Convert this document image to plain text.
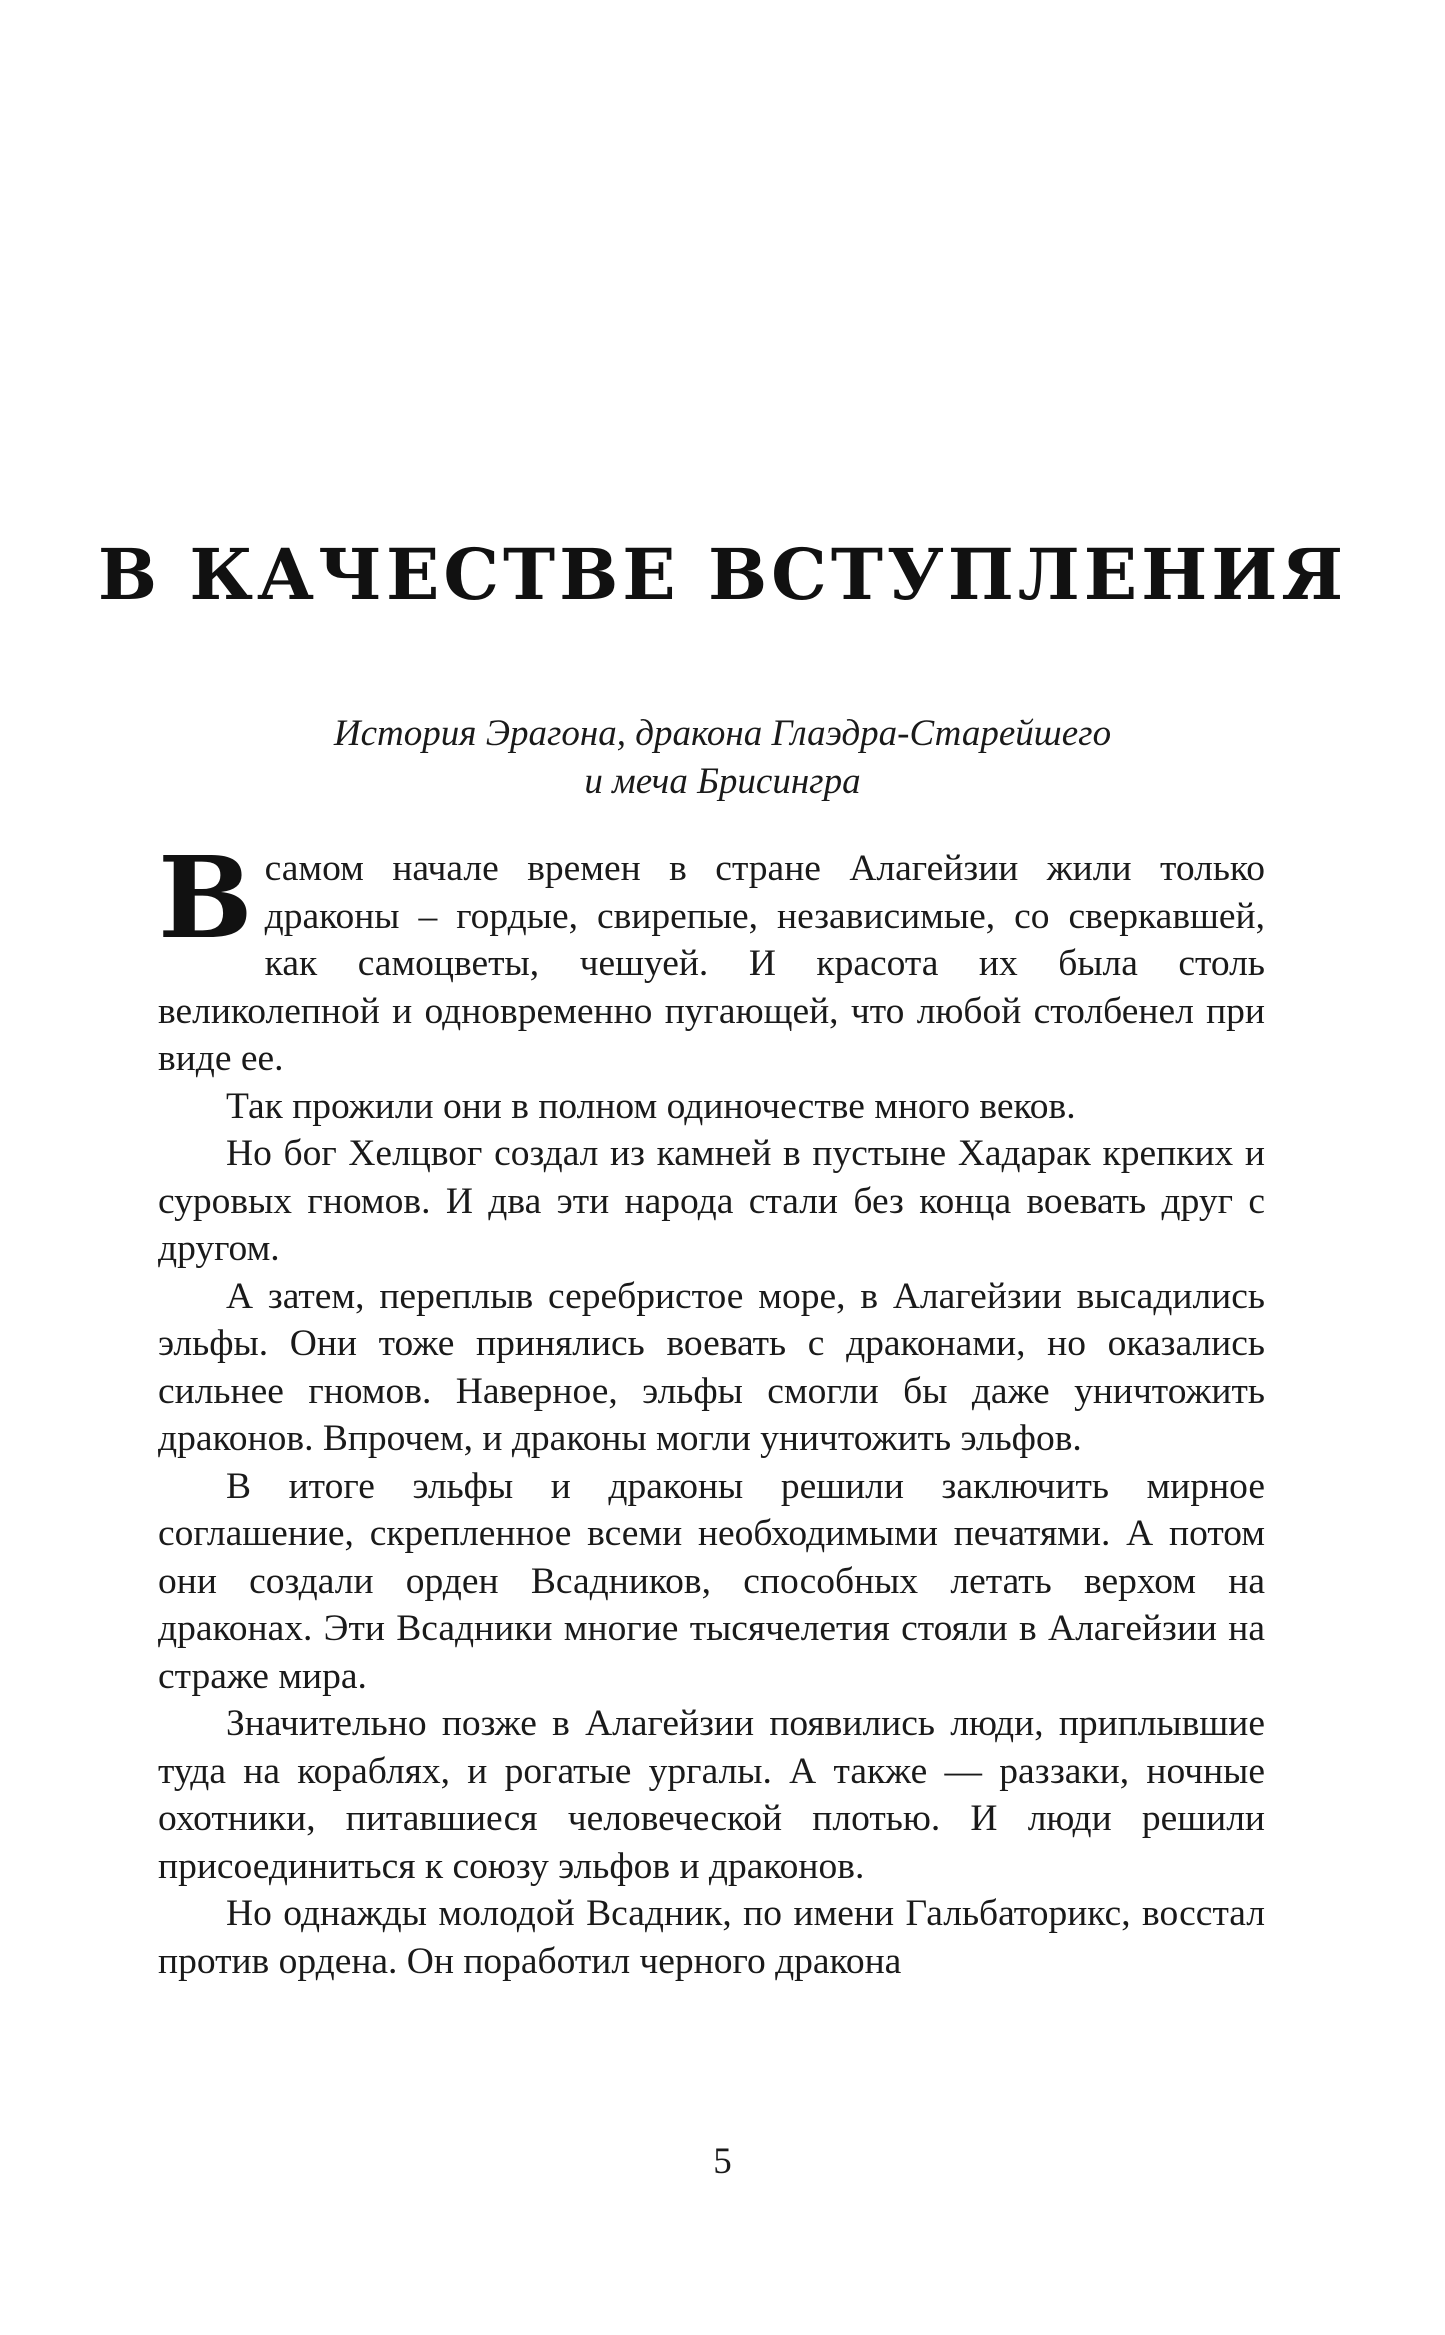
В КАЧЕСТВЕ ВСТУПЛЕНИЯ
История Эрагона, дракона Глаэдра-Старейшего
и меча Брисингра

В самом начале времен в стране Алагейзии жили только драконы – гордые, свирепые, независимые, со сверкавшей, как самоцветы, чешуей. И красота их была столь великолепной и одновременно пугающей, что любой столбенел при виде ее.

Так прожили они в полном одиночестве много веков.

Но бог Хелцвог создал из камней в пустыне Хадарак крепких и суровых гномов. И два эти народа стали без конца воевать друг с другом.

А затем, переплыв серебристое море, в Алагейзии высадились эльфы. Они тоже принялись воевать с драконами, но оказались сильнее гномов. Наверное, эльфы смогли бы даже уничтожить драконов. Впрочем, и драконы могли уничтожить эльфов.

В итоге эльфы и драконы решили заключить мирное соглашение, скрепленное всеми необходимыми печатями. А потом они создали орден Всадников, способных летать верхом на драконах. Эти Всадники многие тысячелетия стояли в Алагейзии на страже мира.

Значительно позже в Алагейзии появились люди, приплывшие туда на кораблях, и рогатые ургалы. А также — раззаки, ночные охотники, питавшиеся человеческой плотью. И люди решили присоединиться к союзу эльфов и драконов.

Но однажды молодой Всадник, по имени Гальбаторикс, восстал против ордена. Он поработил черного дракона

5
